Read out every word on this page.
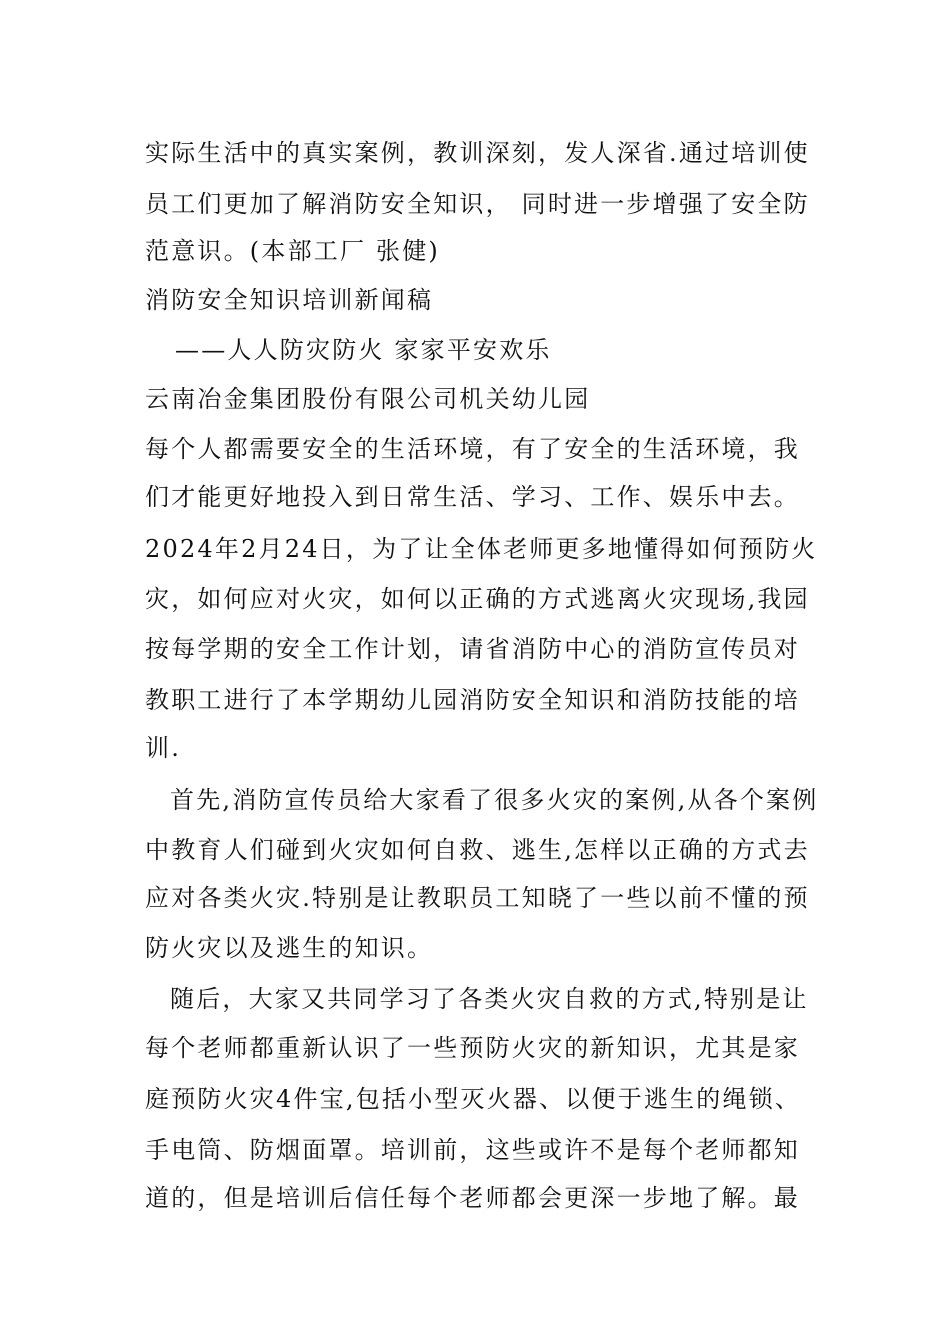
实际生活中的真实案例，教训深刻，发人深省.通过培训使
员工们更加了解消防安全知识， 同时进一步增强了安全防
范意识。(本部工厂 张健)
消防安全知识培训新闻稿
——人人防灾防火 家家平安欢乐
云南冶金集团股份有限公司机关幼儿园
每个人都需要安全的生活环境，有了安全的生活环境，我
们才能更好地投入到日常生活、学习、工作、娱乐中去。
2024年2月24日，为了让全体老师更多地懂得如何预防火
灾，如何应对火灾，如何以正确的方式逃离火灾现场,我园
按每学期的安全工作计划，请省消防中心的消防宣传员对
教职工进行了本学期幼儿园消防安全知识和消防技能的培
训.
首先,消防宣传员给大家看了很多火灾的案例,从各个案例
中教育人们碰到火灾如何自救、逃生,怎样以正确的方式去
应对各类火灾.特别是让教职员工知晓了一些以前不懂的预
防火灾以及逃生的知识。
随后，大家又共同学习了各类火灾自救的方式,特别是让
每个老师都重新认识了一些预防火灾的新知识，尤其是家
庭预防火灾4件宝,包括小型灭火器、以便于逃生的绳锁、
手电筒、防烟面罩。培训前，这些或许不是每个老师都知
道的，但是培训后信任每个老师都会更深一步地了解。最
